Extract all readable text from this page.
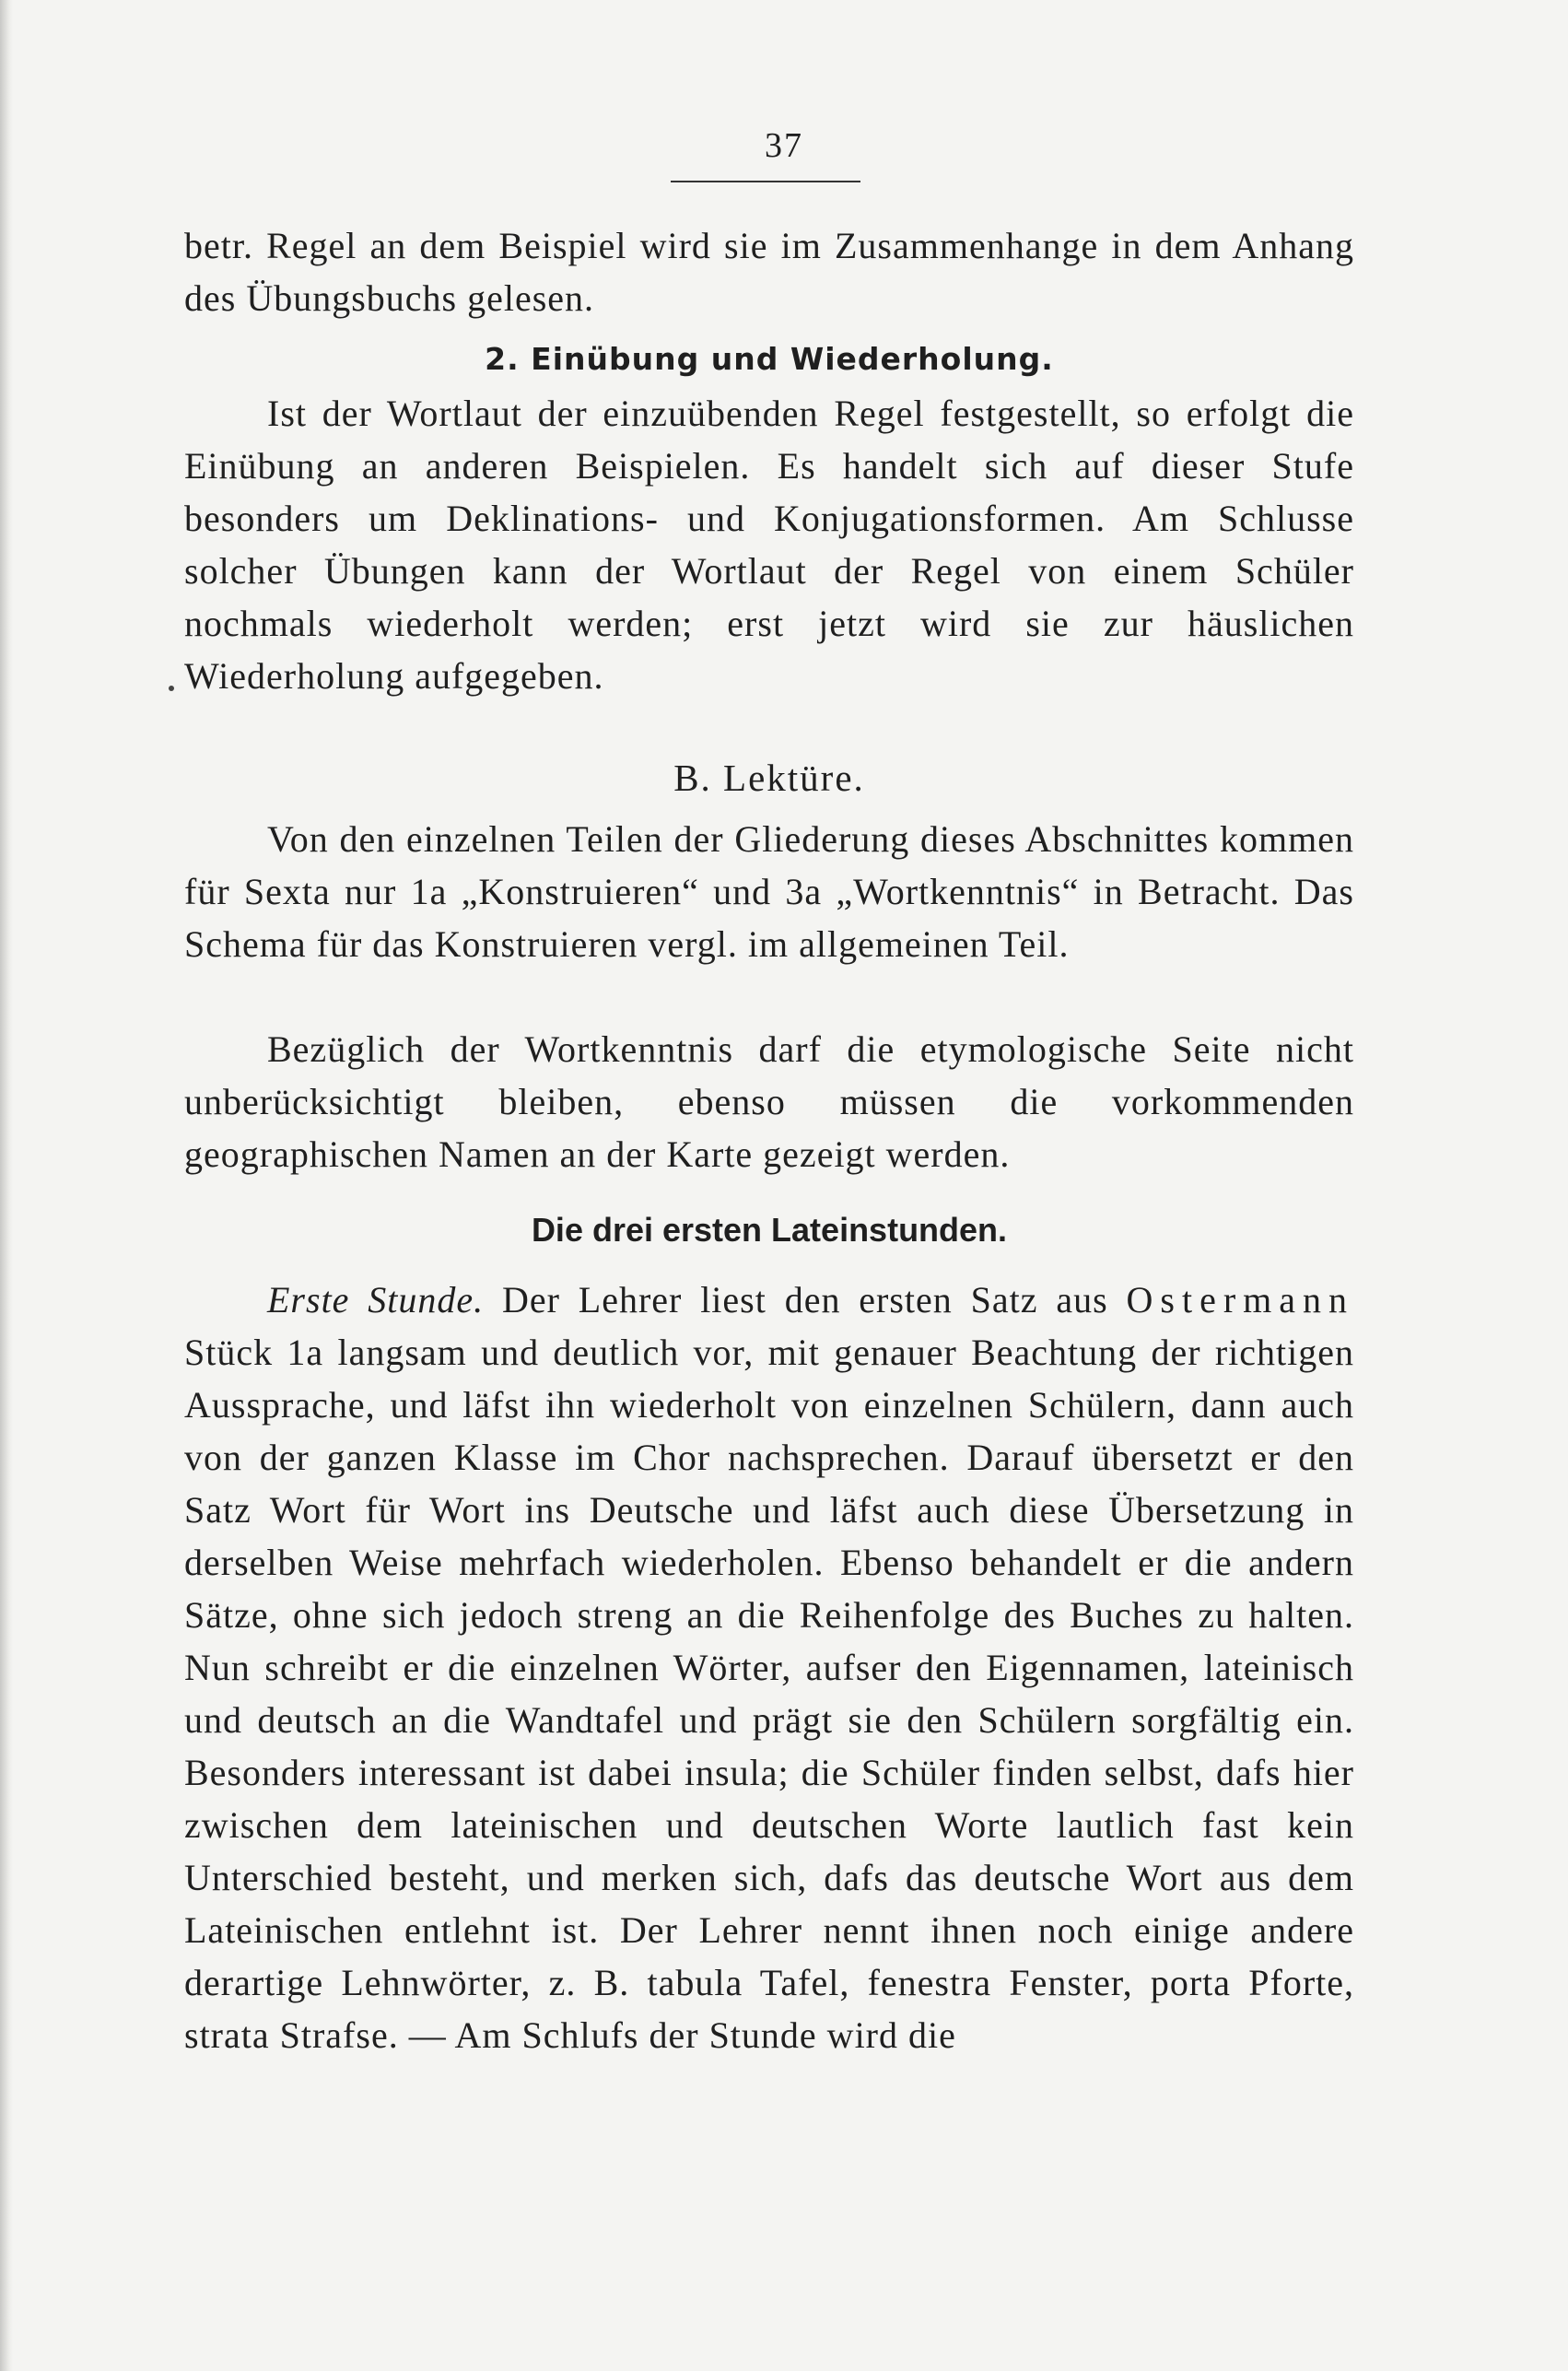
37

betr. Regel an dem Beispiel wird sie im Zusammenhange in dem Anhang des Übungsbuchs gelesen.

2. Einübung und Wiederholung.

Ist der Wortlaut der einzuübenden Regel festgestellt, so erfolgt die Einübung an anderen Beispielen. Es handelt sich auf dieser Stufe besonders um Deklinations- und Konjugationsformen. Am Schlusse solcher Übungen kann der Wortlaut der Regel von einem Schüler nochmals wiederholt werden; erst jetzt wird sie zur häuslichen Wiederholung aufgegeben.

B. Lektüre.

Von den einzelnen Teilen der Gliederung dieses Abschnittes kommen für Sexta nur 1a „Konstruieren“ und 3a „Wortkenntnis“ in Betracht. Das Schema für das Konstruieren vergl. im allgemeinen Teil.

Bezüglich der Wortkenntnis darf die etymologische Seite nicht unberücksichtigt bleiben, ebenso müssen die vorkommenden geographischen Namen an der Karte gezeigt werden.

Die drei ersten Lateinstunden.

Erste Stunde. Der Lehrer liest den ersten Satz aus Ostermann Stück 1a langsam und deutlich vor, mit genauer Beachtung der richtigen Aussprache, und läfst ihn wiederholt von einzelnen Schülern, dann auch von der ganzen Klasse im Chor nachsprechen. Darauf übersetzt er den Satz Wort für Wort ins Deutsche und läfst auch diese Übersetzung in derselben Weise mehrfach wiederholen. Ebenso behandelt er die andern Sätze, ohne sich jedoch streng an die Reihenfolge des Buches zu halten. Nun schreibt er die einzelnen Wörter, aufser den Eigennamen, lateinisch und deutsch an die Wandtafel und prägt sie den Schülern sorgfältig ein. Besonders interessant ist dabei insula; die Schüler finden selbst, dafs hier zwischen dem lateinischen und deutschen Worte lautlich fast kein Unterschied besteht, und merken sich, dafs das deutsche Wort aus dem Lateinischen entlehnt ist. Der Lehrer nennt ihnen noch einige andere derartige Lehnwörter, z. B. tabula Tafel, fenestra Fenster, porta Pforte, strata Strafse. — Am Schlufs der Stunde wird die
